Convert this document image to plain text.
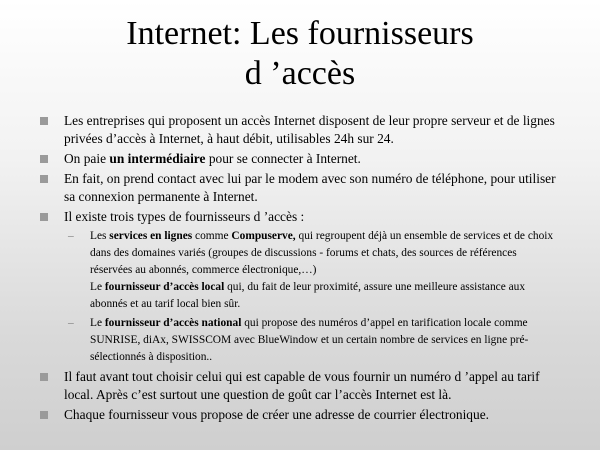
Internet: Les fournisseurs
d ’accès
Les entreprises qui proposent un accès Internet disposent de leur propre serveur et de lignes privées d’accès à Internet, à haut débit, utilisables 24h sur 24.
On paie un intermédiaire pour se connecter à Internet.
En fait, on prend contact avec lui par le modem avec son numéro de téléphone, pour utiliser sa connexion permanente à Internet.
Il existe trois types de fournisseurs d ’accès :
– Les services en lignes comme Compuserve, qui regroupent déjà un ensemble de services et de choix dans des domaines variés (groupes de discussions - forums et chats, des sources de références réservées au abonnés, commerce électronique,…)
Le fournisseur d’accès local qui, du fait de leur proximité, assure une meilleure assistance aux abonnés et au tarif local bien sûr.
– Le fournisseur d’accès national qui propose des numéros d’appel en tarification locale comme SUNRISE, diAx, SWISSCOM avec BlueWindow et un certain nombre de services en ligne pré-sélectionnés à disposition..
Il faut avant tout choisir celui qui est capable de vous fournir un numéro d ’appel au tarif local. Après c’est surtout une question de goût car l’accès Internet est là.
Chaque fournisseur vous propose de créer une adresse de courrier électronique.
